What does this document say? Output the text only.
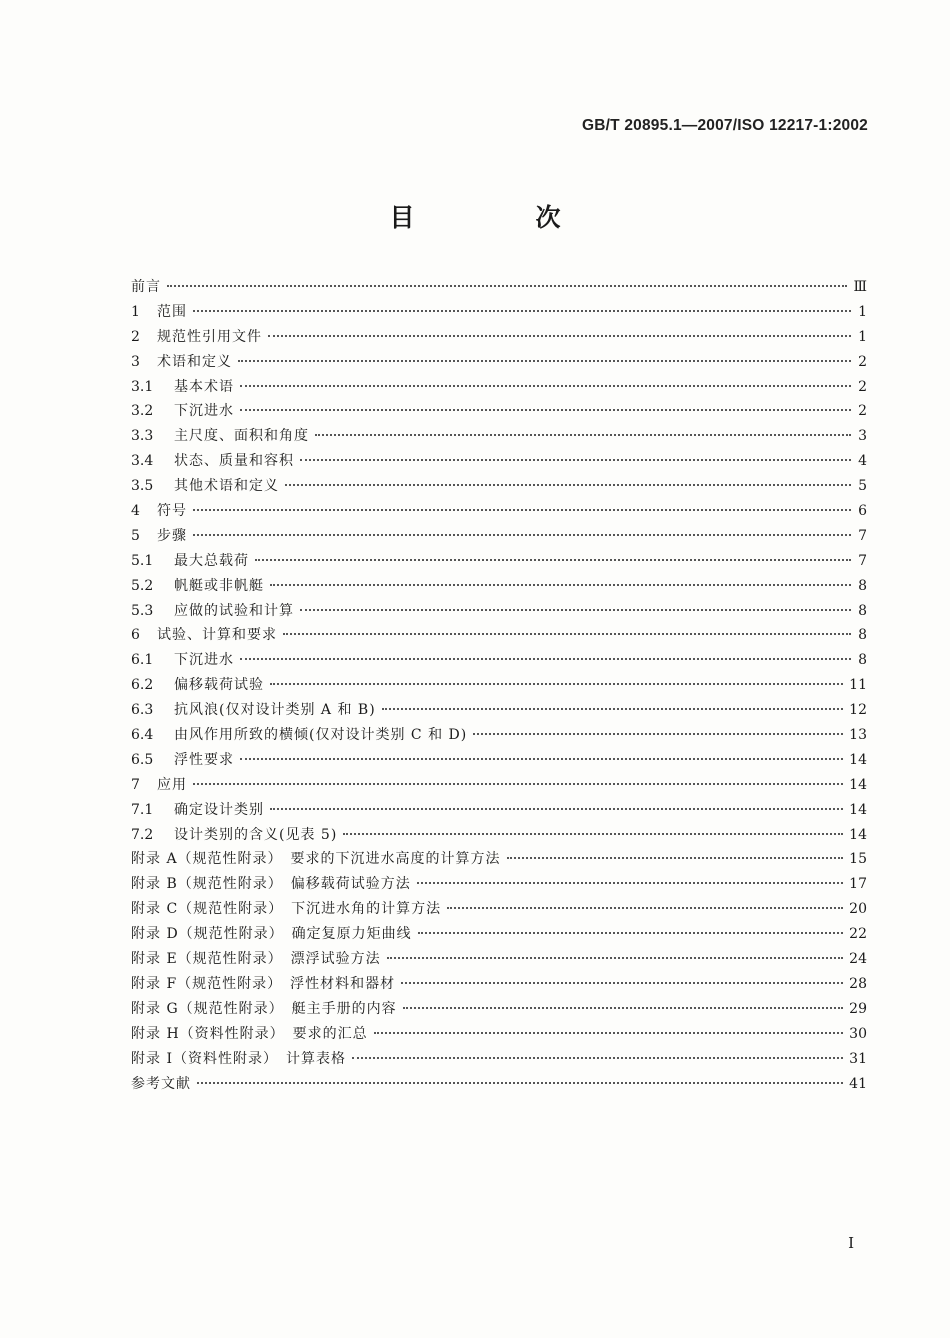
GB/T 20895.1—2007/ISO 12217-1:2002
目　次
前言	Ⅲ
1	范围	1
2	规范性引用文件	1
3	术语和定义	2
3.1	基本术语	2
3.2	下沉进水	2
3.3	主尺度、面积和角度	3
3.4	状态、质量和容积	4
3.5	其他术语和定义	5
4	符号	6
5	步骤	7
5.1	最大总载荷	7
5.2	帆艇或非帆艇	8
5.3	应做的试验和计算	8
6	试验、计算和要求	8
6.1	下沉进水	8
6.2	偏移载荷试验	11
6.3	抗风浪(仅对设计类别 A 和 B)	12
6.4	由风作用所致的横倾(仅对设计类别 C 和 D)	13
6.5	浮性要求	14
7	应用	14
7.1	确定设计类别	14
7.2	设计类别的含义(见表 5)	14
附录 A（规范性附录）　要求的下沉进水高度的计算方法	15
附录 B（规范性附录）　偏移载荷试验方法	17
附录 C（规范性附录）　下沉进水角的计算方法	20
附录 D（规范性附录）　确定复原力矩曲线	22
附录 E（规范性附录）　漂浮试验方法	24
附录 F（规范性附录）　浮性材料和器材	28
附录 G（规范性附录）　艇主手册的内容	29
附录 H（资料性附录）　要求的汇总	30
附录 I（资料性附录）　计算表格	31
参考文献	41
I
